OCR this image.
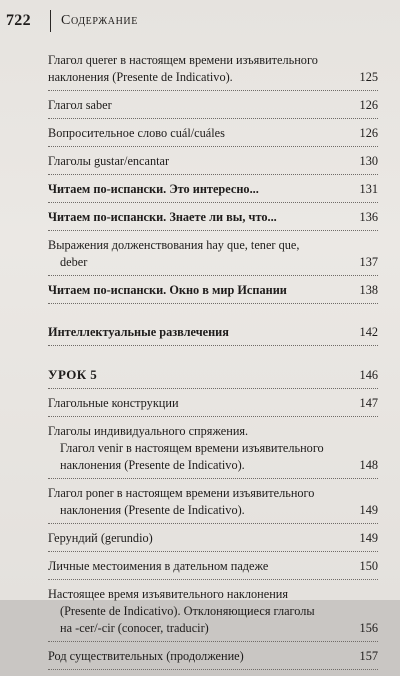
722	Содержание
Глагол querer в настоящем времени изъявительного
наклонения (Presente de Indicativo).	125
Глагол saber	126
Вопросительное слово cuál/cuáles	126
Глаголы gustar/encantar	130
Читаем по-испански. Это интересно...	131
Читаем по-испански. Знаете ли вы, что...	136
Выражения долженствования hay que, tener que,
deber	137
Читаем по-испански. Окно в мир Испании	138
Интеллектуальные развлечения	142
УРОК 5	146
Глагольные конструкции	147
Глаголы индивидуального спряжения.
Глагол venir в настоящем времени изъявительного
наклонения (Presente de Indicativo).	148
Глагол poner в настоящем времени изъявительного
наклонения (Presente de Indicativo).	149
Герундий (gerundio)	149
Личные местоимения в дательном падеже	150
Настоящее время изъявительного наклонения
(Presente de Indicativo). Отклоняющиеся глаголы
на -cer/-cir (conocer, traducir)	156
Род существительных (продолжение)	157
